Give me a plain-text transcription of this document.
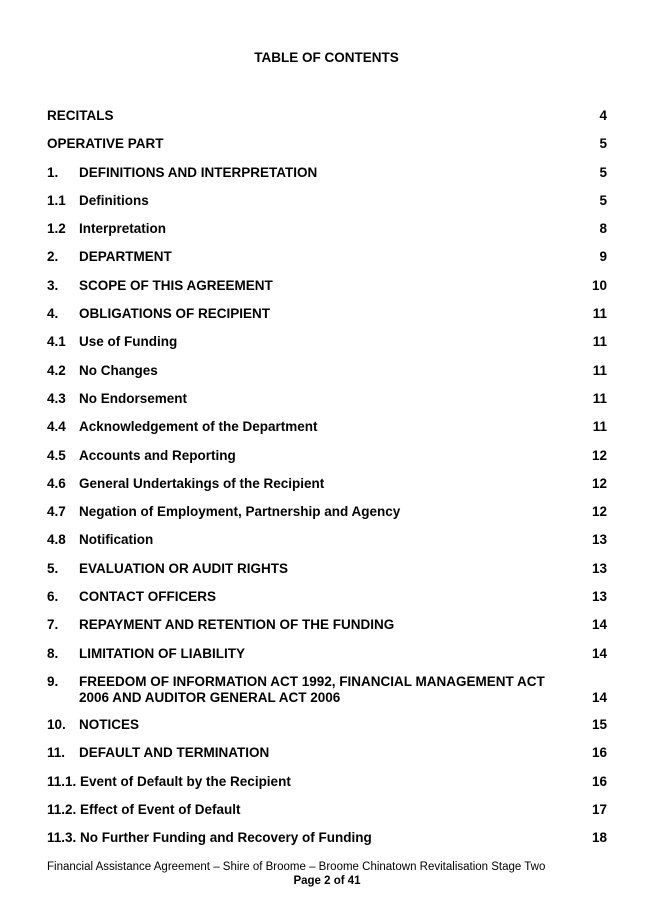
TABLE OF CONTENTS
RECITALS	4
OPERATIVE PART	5
1.	DEFINITIONS AND INTERPRETATION	5
1.1 Definitions	5
1.2 Interpretation	8
2.	DEPARTMENT	9
3.	SCOPE OF THIS AGREEMENT	10
4.	OBLIGATIONS OF RECIPIENT	11
4.1 Use of Funding	11
4.2 No Changes	11
4.3 No Endorsement	11
4.4 Acknowledgement of the Department	11
4.5 Accounts and Reporting	12
4.6 General Undertakings of the Recipient	12
4.7 Negation of Employment, Partnership and Agency	12
4.8 Notification	13
5.	EVALUATION OR AUDIT RIGHTS	13
6.	CONTACT OFFICERS	13
7.	REPAYMENT AND RETENTION OF THE FUNDING	14
8.	LIMITATION OF LIABILITY	14
9.	FREEDOM OF INFORMATION ACT 1992, FINANCIAL MANAGEMENT ACT 2006 AND AUDITOR GENERAL ACT 2006	14
10. NOTICES	15
11.	DEFAULT AND TERMINATION	16
11.1. Event of Default by the Recipient	16
11.2. Effect of Event of Default	17
11.3. No Further Funding and Recovery of Funding	18
Financial Assistance Agreement – Shire of Broome – Broome Chinatown Revitalisation Stage Two
Page 2 of 41
